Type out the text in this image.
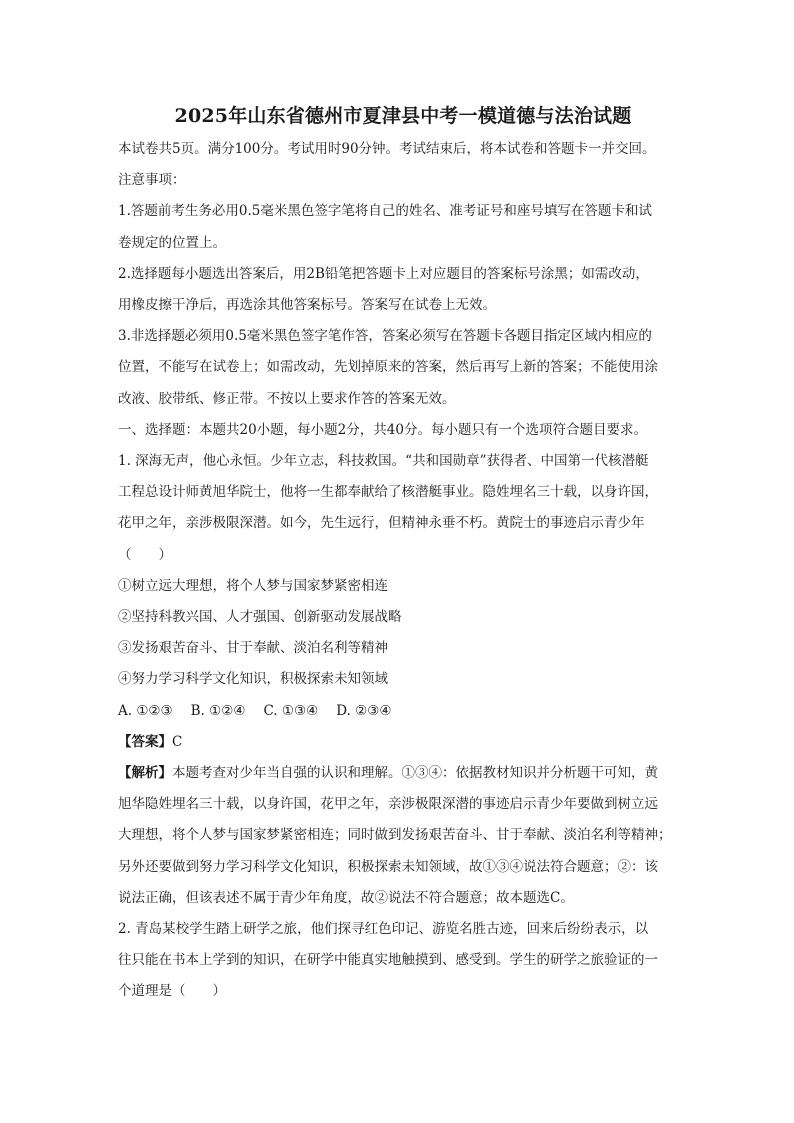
2025年山东省德州市夏津县中考一模道德与法治试题

本试卷共5页。满分100分。考试用时90分钟。考试结束后，将本试卷和答题卡一并交回。

注意事项：

1.答题前考生务必用0.5毫米黑色签字笔将自己的姓名、准考证号和座号填写在答题卡和试

卷规定的位置上。

2.选择题每小题选出答案后，用2B铅笔把答题卡上对应题目的答案标号涂黑；如需改动，

用橡皮擦干净后，再选涂其他答案标号。答案写在试卷上无效。

3.非选择题必须用0.5毫米黑色签字笔作答，答案必须写在答题卡各题目指定区域内相应的

位置，不能写在试卷上；如需改动，先划掉原来的答案，然后再写上新的答案；不能使用涂

改液、胶带纸、修正带。不按以上要求作答的答案无效。

一、选择题：本题共20小题，每小题2分，共40分。每小题只有一个选项符合题目要求。

1. 深海无声，他心永恒。少年立志，科技救国。“共和国勋章”获得者、中国第一代核潜艇

工程总设计师黄旭华院士，他将一生都奉献给了核潜艇事业。隐姓埋名三十载，以身许国，

花甲之年，亲涉极限深潜。如今，先生远行，但精神永垂不朽。黄院士的事迹启示青少年

（　　）

①树立远大理想，将个人梦与国家梦紧密相连

②坚持科教兴国、人才强国、创新驱动发展战略

③发扬艰苦奋斗、甘于奉献、淡泊名利等精神

④努力学习科学文化知识，积极探索未知领域

A. ①②③ B. ①②④ C. ①③④ D. ②③④

【答案】C

【解析】本题考查对少年当自强的认识和理解。①③④：依据教材知识并分析题干可知，黄

旭华隐姓埋名三十载，以身许国，花甲之年，亲涉极限深潜的事迹启示青少年要做到树立远

大理想，将个人梦与国家梦紧密相连；同时做到发扬艰苦奋斗、甘于奉献、淡泊名利等精神；

另外还要做到努力学习科学文化知识，积极探索未知领域，故①③④说法符合题意；②：该

说法正确，但该表述不属于青少年角度，故②说法不符合题意；故本题选C。

2. 青岛某校学生踏上研学之旅，他们探寻红色印记、游览名胜古迹，回来后纷纷表示，以

往只能在书本上学到的知识，在研学中能真实地触摸到、感受到。学生的研学之旅验证的一

个道理是（　　）
